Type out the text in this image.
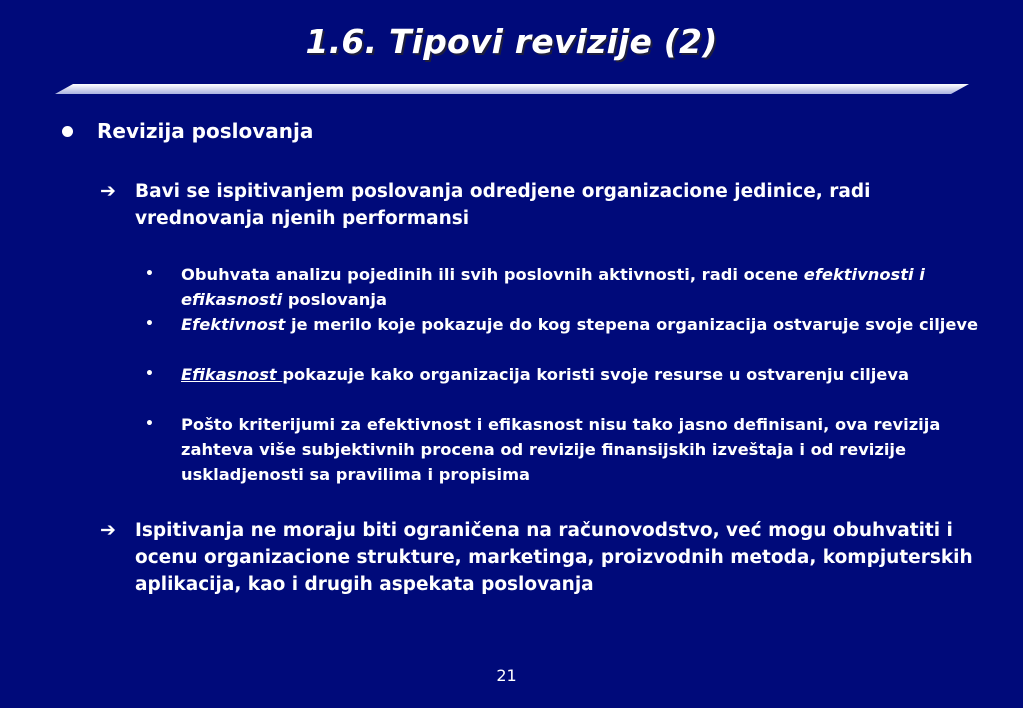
1.6. Tipovi revizije (2)
Revizija poslovanja
➔ Bavi se ispitivanjem poslovanja odredjene organizacione jedinice, radi vrednovanja njenih performansi
• Obuhvata analizu pojedinih ili svih poslovnih aktivnosti, radi ocene efektivnosti i efikasnosti poslovanja
• Efektivnost je merilo koje pokazuje do kog stepena organizacija ostvaruje svoje ciljeve
• Efikasnost pokazuje kako organizacija koristi svoje resurse u ostvarenju ciljeva
• Pošto kriterijumi za efektivnost i efikasnost nisu tako jasno definisani, ova revizija zahteva više subjektivnih procena od revizije finansijskih izveštaja i od revizije uskladjenosti sa pravilima i propisima
➔ Ispitivanja ne moraju biti ograničena na računovodstvo, već mogu obuhvatiti i ocenu organizacione strukture, marketinga, proizvodnih metoda, kompjuterskih aplikacija, kao i drugih aspekata poslovanja
21
